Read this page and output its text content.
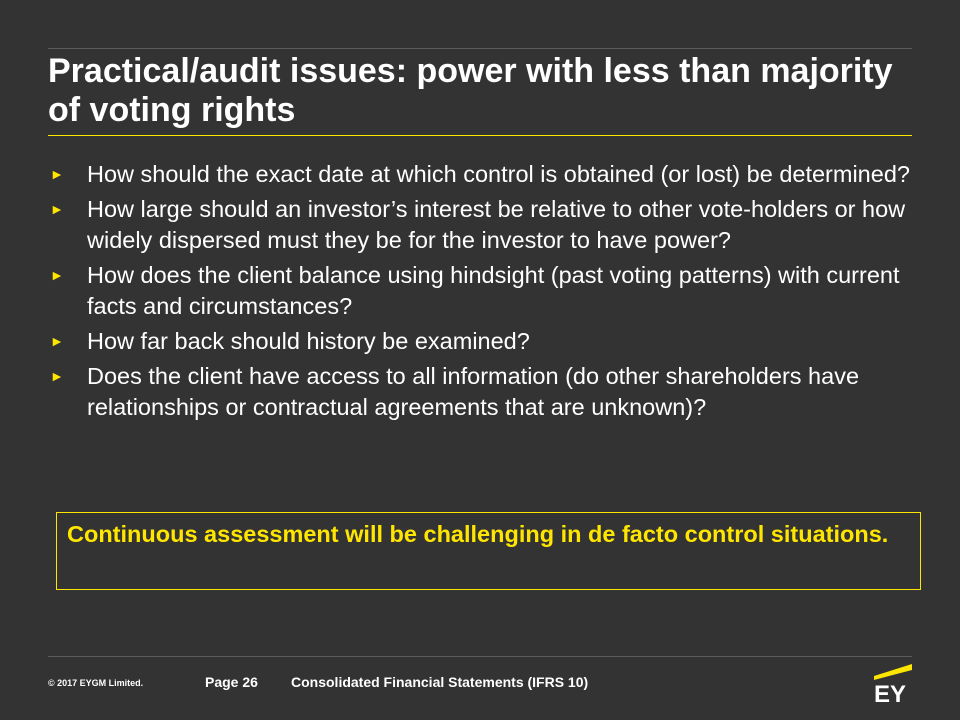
Practical/audit issues: power with less than majority of voting rights
► How should the exact date at which control is obtained (or lost) be determined?
► How large should an investor’s interest be relative to other vote-holders or how widely dispersed must they be for the investor to have power?
► How does the client balance using hindsight (past voting patterns) with current facts and circumstances?
► How far back should history be examined?
► Does the client have access to all information (do other shareholders have relationships or contractual agreements that are unknown)?
Continuous assessment will be challenging in de facto control situations.
© 2017 EYGM Limited.	Page 26 Consolidated Financial Statements (IFRS 10)	EY
